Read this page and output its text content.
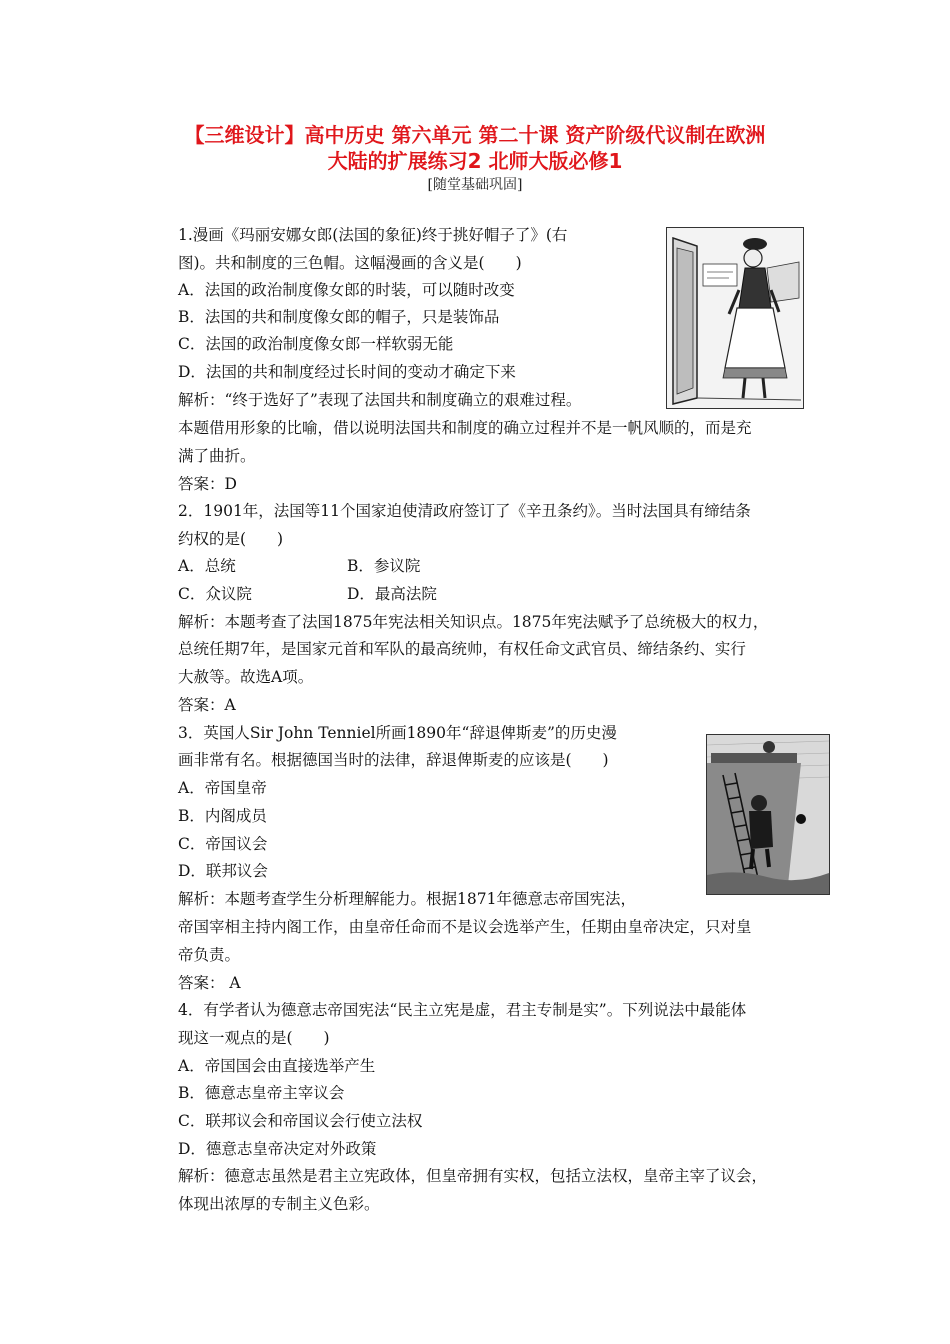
【三维设计】高中历史 第六单元 第二十课 资产阶级代议制在欧洲
大陆的扩展练习2 北师大版必修1
[随堂基础巩固]
1.漫画《玛丽安娜女郎(法国的象征)终于挑好帽子了》(右
图)。共和制度的三色帽。这幅漫画的含义是(　　)
A．法国的政治制度像女郎的时装，可以随时改变
B．法国的共和制度像女郎的帽子，只是装饰品
C．法国的政治制度像女郎一样软弱无能
D．法国的共和制度经过长时间的变动才确定下来
解析：“终于选好了”表现了法国共和制度确立的艰难过程。
本题借用形象的比喻，借以说明法国共和制度的确立过程并不是一帆风顺的，而是充
满了曲折。
答案：D
2．1901年，法国等11个国家迫使清政府签订了《辛丑条约》。当时法国具有缔结条
约权的是(　　)
A．总统	B．参议院
C．众议院	D．最高法院
解析：本题考查了法国1875年宪法相关知识点。1875年宪法赋予了总统极大的权力，
总统任期7年，是国家元首和军队的最高统帅，有权任命文武官员、缔结条约、实行
大赦等。故选A项。
答案：A
3．英国人Sir John Tenniel所画1890年“辞退俾斯麦”的历史漫
画非常有名。根据德国当时的法律，辞退俾斯麦的应该是(　　)
A．帝国皇帝
B．内阁成员
C．帝国议会
D．联邦议会
解析：本题考查学生分析理解能力。根据1871年德意志帝国宪法，
帝国宰相主持内阁工作，由皇帝任命而不是议会选举产生，任期由皇帝决定，只对皇
帝负责。
答案： A
4．有学者认为德意志帝国宪法“民主立宪是虚，君主专制是实”。下列说法中最能体
现这一观点的是(　　)
A．帝国国会由直接选举产生
B．德意志皇帝主宰议会
C．联邦议会和帝国议会行使立法权
D．德意志皇帝决定对外政策
解析：德意志虽然是君主立宪政体，但皇帝拥有实权，包括立法权，皇帝主宰了议会，
体现出浓厚的专制主义色彩。
